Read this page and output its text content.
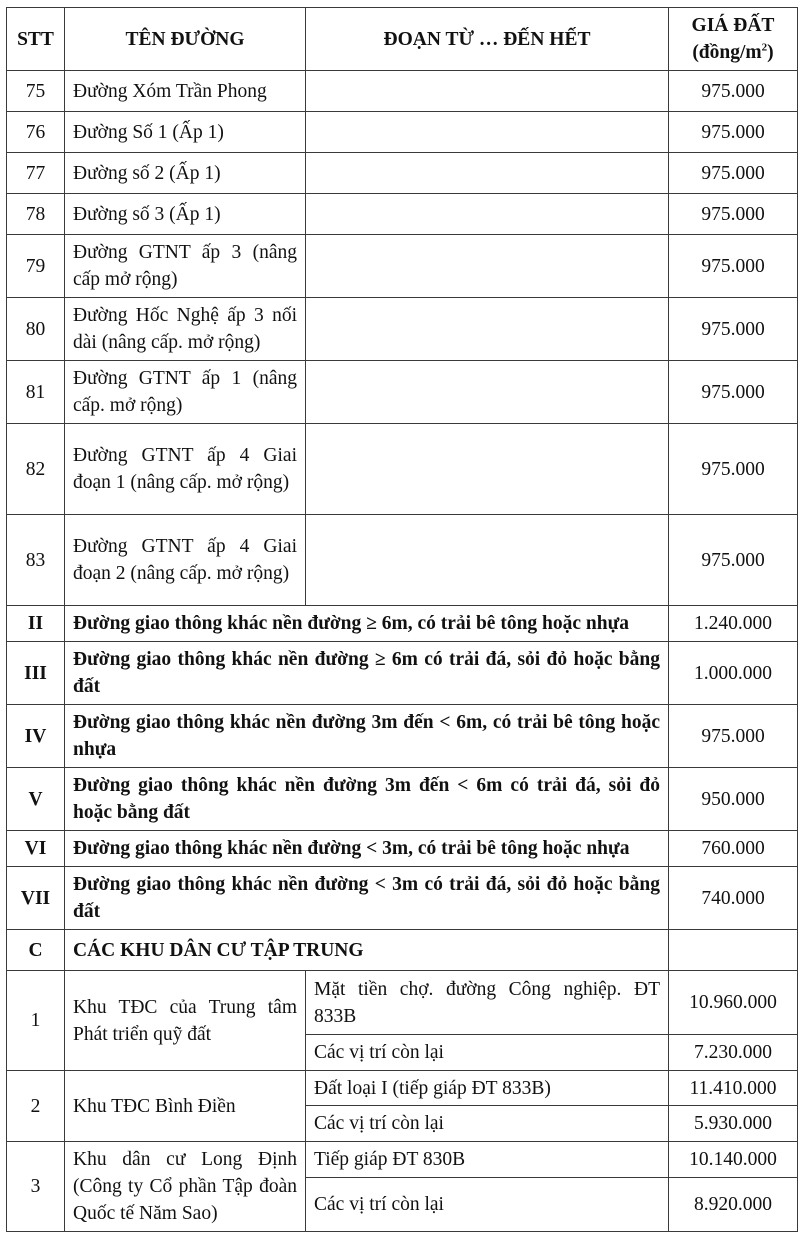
STT	TÊN ĐƯỜNG	ĐOẠN TỪ … ĐẾN HẾT	GIÁ ĐẤT
$(đồng/m^2)$

75	Đường Xóm Trần Phong		975.000
76	Đường Số 1 (Ấp 1)		975.000
77	Đường số 2 (Ấp 1)		975.000
78	Đường số 3 (Ấp 1)		975.000
79	Đường GTNT ấp 3 (nâng cấp mở rộng)		975.000
80	Đường Hốc Nghệ ấp 3 nối dài (nâng cấp. mở rộng)		975.000
81	Đường GTNT ấp 1 (nâng cấp. mở rộng)		975.000
82	Đường GTNT ấp 4 Giai đoạn 1 (nâng cấp. mở rộng)		975.000
83	Đường GTNT ấp 4 Giai đoạn 2 (nâng cấp. mở rộng)		975.000
II	Đường giao thông khác nền đường ≥ 6m, có trải bê tông hoặc nhựa		1.240.000
III	Đường giao thông khác nền đường ≥ 6m có trải đá, sỏi đỏ hoặc bằng đất		1.000.000
IV	Đường giao thông khác nền đường 3m đến < 6m, có trải bê tông hoặc nhựa		975.000
V	Đường giao thông khác nền đường 3m đến < 6m có trải đá, sỏi đỏ hoặc bằng đất		950.000
VI	Đường giao thông khác nền đường < 3m, có trải bê tông hoặc nhựa		760.000
VII	Đường giao thông khác nền đường < 3m có trải đá, sỏi đỏ hoặc bằng đất		740.000
C	CÁC KHU DÂN CƯ TẬP TRUNG		
1	Khu TĐC của Trung tâm Phát triển quỹ đất	Mặt tiền chợ. đường Công nghiệp. ĐT 833B	10.960.000
		Các vị trí còn lại	7.230.000
2	Khu TĐC Bình Điền	Đất loại I (tiếp giáp ĐT 833B)	11.410.000
		Các vị trí còn lại	5.930.000
3	Khu dân cư Long Định (Công ty Cổ phần Tập đoàn Quốc tế Năm Sao)	Tiếp giáp ĐT 830B	10.140.000
		Các vị trí còn lại	8.920.000
